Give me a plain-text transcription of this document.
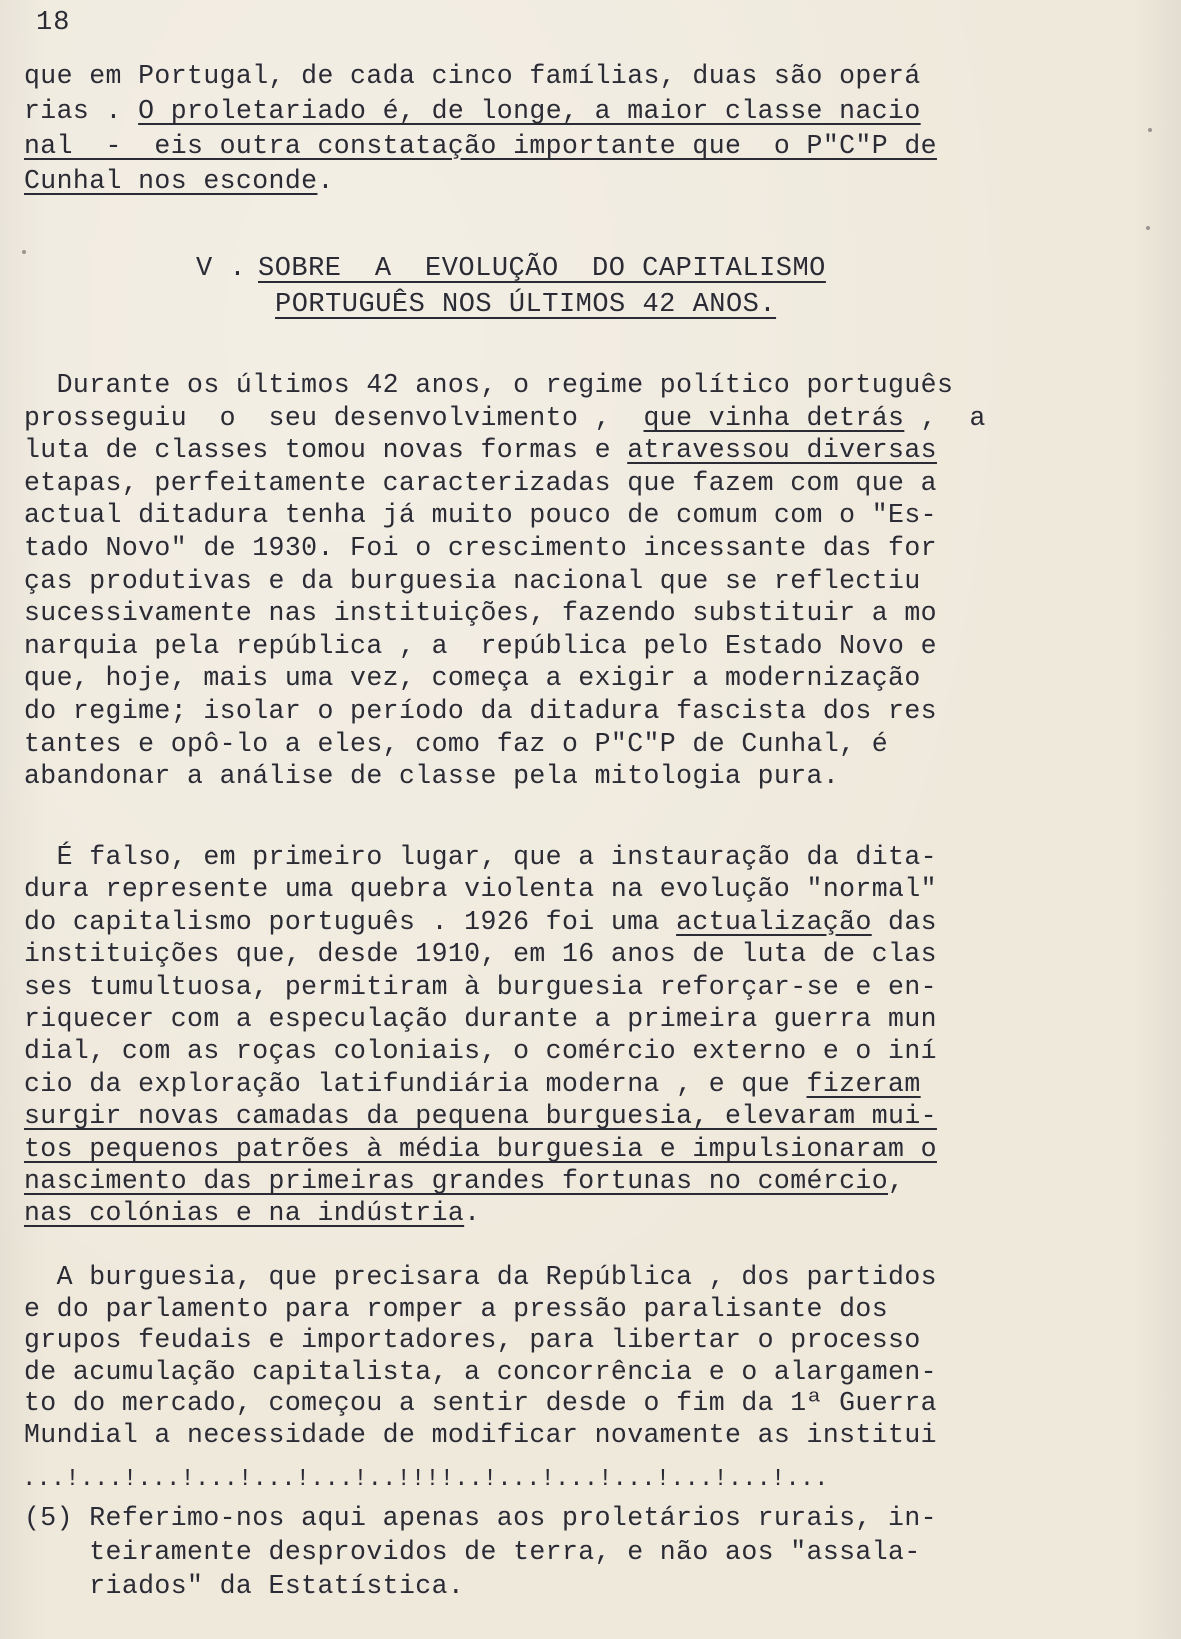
18
que em Portugal, de cada cinco famílias, duas são operá
rias . O proletariado é, de longe, a maior classe nacio
nal  -  eis outra constatação importante que  o P"C"P de
Cunhal nos esconde.
V . SOBRE  A  EVOLUÇÃO  DO CAPITALISMO
PORTUGUÊS NOS ÚLTIMOS 42 ANOS.
Durante os últimos 42 anos, o regime político português
prosseguiu  o  seu desenvolvimento ,  que vinha detrás ,  a
luta de classes tomou novas formas e atravessou diversas
etapas, perfeitamente caracterizadas que fazem com que a
actual ditadura tenha já muito pouco de comum com o "Es-
tado Novo" de 1930. Foi o crescimento incessante das for
ças produtivas e da burguesia nacional que se reflectiu
sucessivamente nas instituições, fazendo substituir a mo
narquia pela república , a  república pelo Estado Novo e
que, hoje, mais uma vez, começa a exigir a modernização
do regime; isolar o período da ditadura fascista dos res
tantes e opô-lo a eles, como faz o P"C"P de Cunhal, é
abandonar a análise de classe pela mitologia pura.
É falso, em primeiro lugar, que a instauração da dita-
dura represente uma quebra violenta na evolução "normal"
do capitalismo português . 1926 foi uma actualização das
instituições que, desde 1910, em 16 anos de luta de clas
ses tumultuosa, permitiram à burguesia reforçar-se e en-
riquecer com a especulação durante a primeira guerra mun
dial, com as roças coloniais, o comércio externo e o iní
cio da exploração latifundiária moderna , e que fizeram
surgir novas camadas da pequena burguesia, elevaram mui-
tos pequenos patrões à média burguesia e impulsionaram o
nascimento das primeiras grandes fortunas no comércio,
nas colónias e na indústria.
A burguesia, que precisara da República , dos partidos
e do parlamento para romper a pressão paralisante dos
grupos feudais e importadores, para libertar o processo
de acumulação capitalista, a concorrência e o alargamen-
to do mercado, começou a sentir desde o fim da 1ª Guerra
Mundial a necessidade de modificar novamente as institui
...!...!...!...!...!...!..!!!!..!...!...!...!...!...!...
(5) Referimo-nos aqui apenas aos proletários rurais, in-
teiramente desprovidos de terra, e não aos "assala-
riados" da Estatística.
